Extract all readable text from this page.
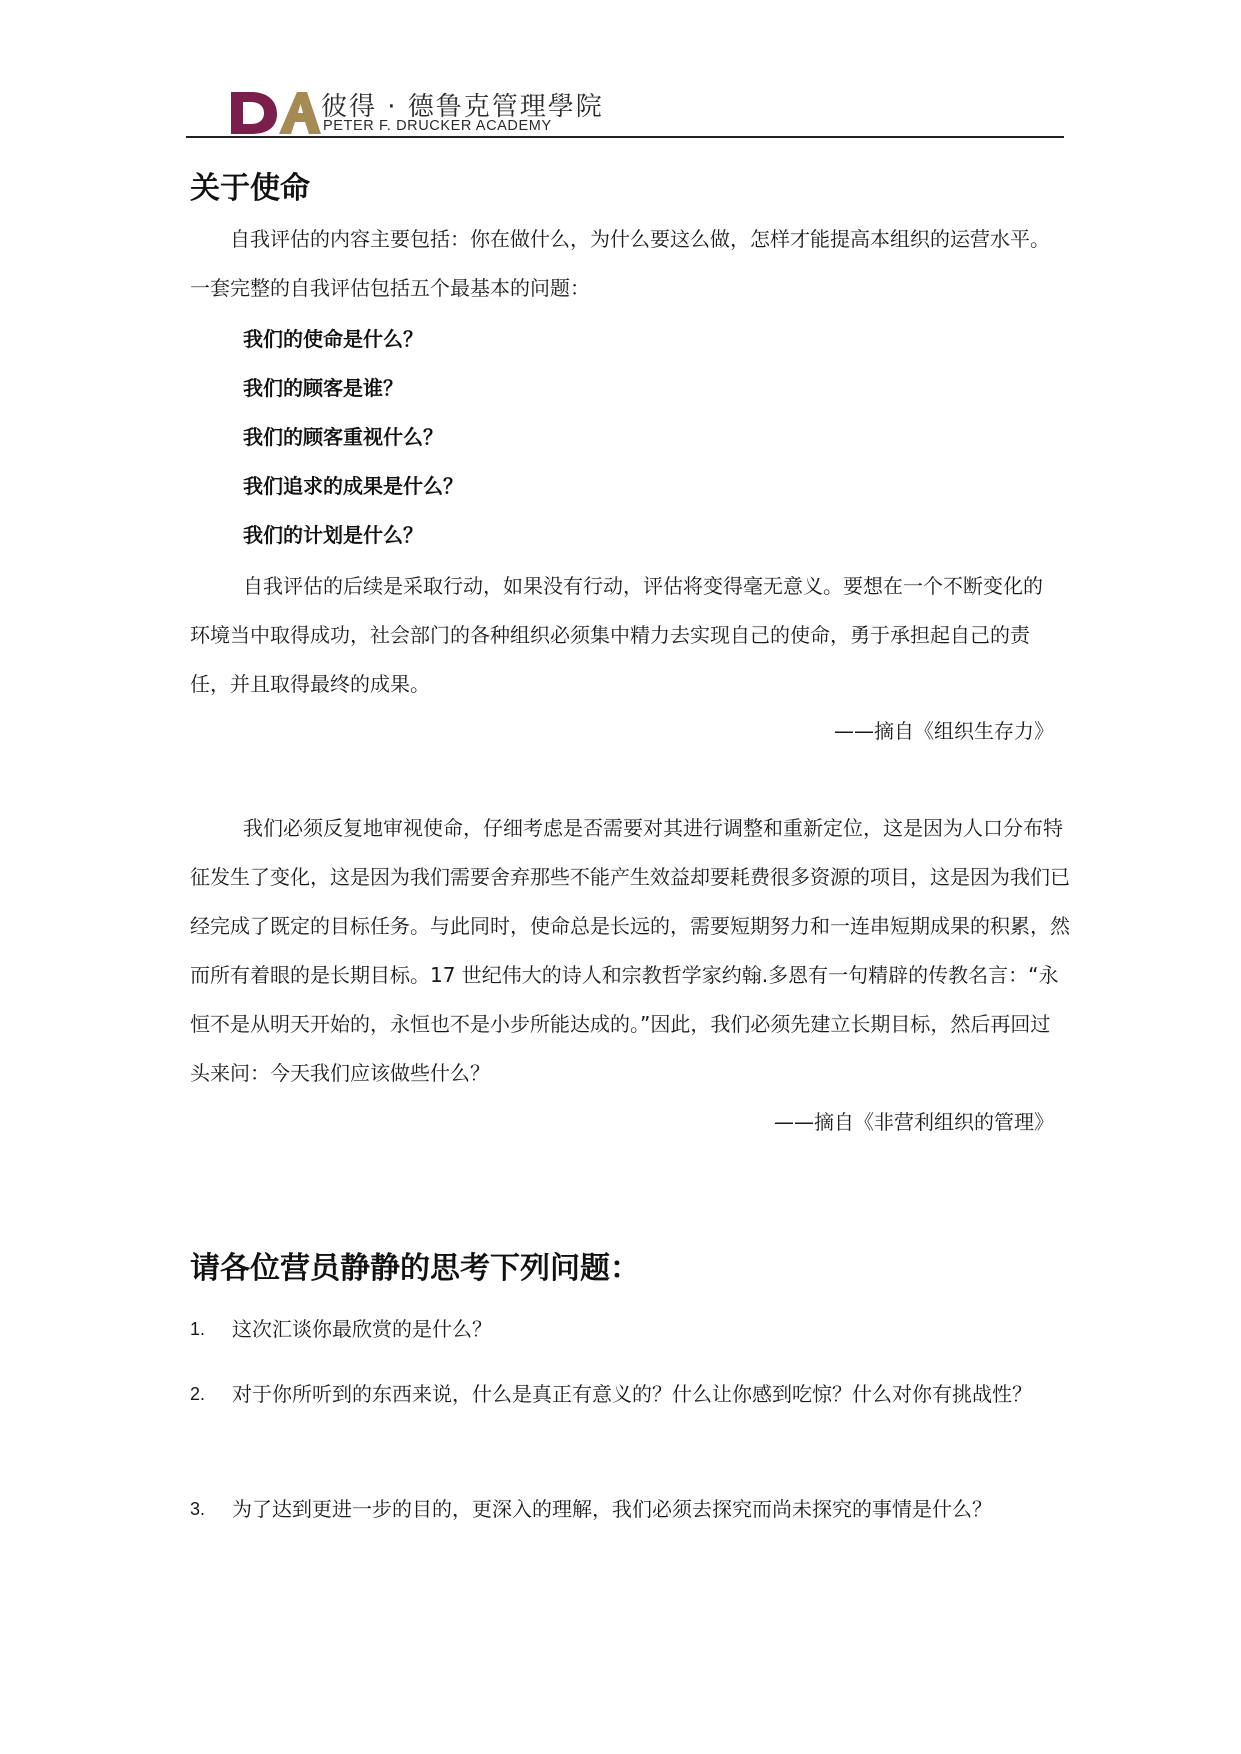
彼得 · 德鲁克管理學院
PETER F. DRUCKER ACADEMY
关于使命

自我评估的内容主要包括：你在做什么，为什么要这么做，怎样才能提高本组织的运营水平。一套完整的自我评估包括五个最基本的问题：

我们的使命是什么？

我们的顾客是谁？

我们的顾客重视什么？

我们追求的成果是什么？

我们的计划是什么？

自我评估的后续是采取行动，如果没有行动，评估将变得毫无意义。要想在一个不断变化的环境当中取得成功，社会部门的各种组织必须集中精力去实现自己的使命，勇于承担起自己的责任，并且取得最终的成果。

——摘自《组织生存力》

我们必须反复地审视使命，仔细考虑是否需要对其进行调整和重新定位，这是因为人口分布特征发生了变化，这是因为我们需要舍弃那些不能产生效益却要耗费很多资源的项目，这是因为我们已经完成了既定的目标任务。与此同时，使命总是长远的，需要短期努力和一连串短期成果的积累，然而所有着眼的是长期目标。17 世纪伟大的诗人和宗教哲学家约翰.多恩有一句精辟的传教名言：“永恒不是从明天开始的，永恒也不是小步所能达成的。”因此，我们必须先建立长期目标，然后再回过头来问：今天我们应该做些什么？

——摘自《非营利组织的管理》

请各位营员静静的思考下列问题：
1. 这次汇谈你最欣赏的是什么？
2. 对于你所听到的东西来说，什么是真正有意义的？什么让你感到吃惊？什么对你有挑战性？
3. 为了达到更进一步的目的，更深入的理解，我们必须去探究而尚未探究的事情是什么？
